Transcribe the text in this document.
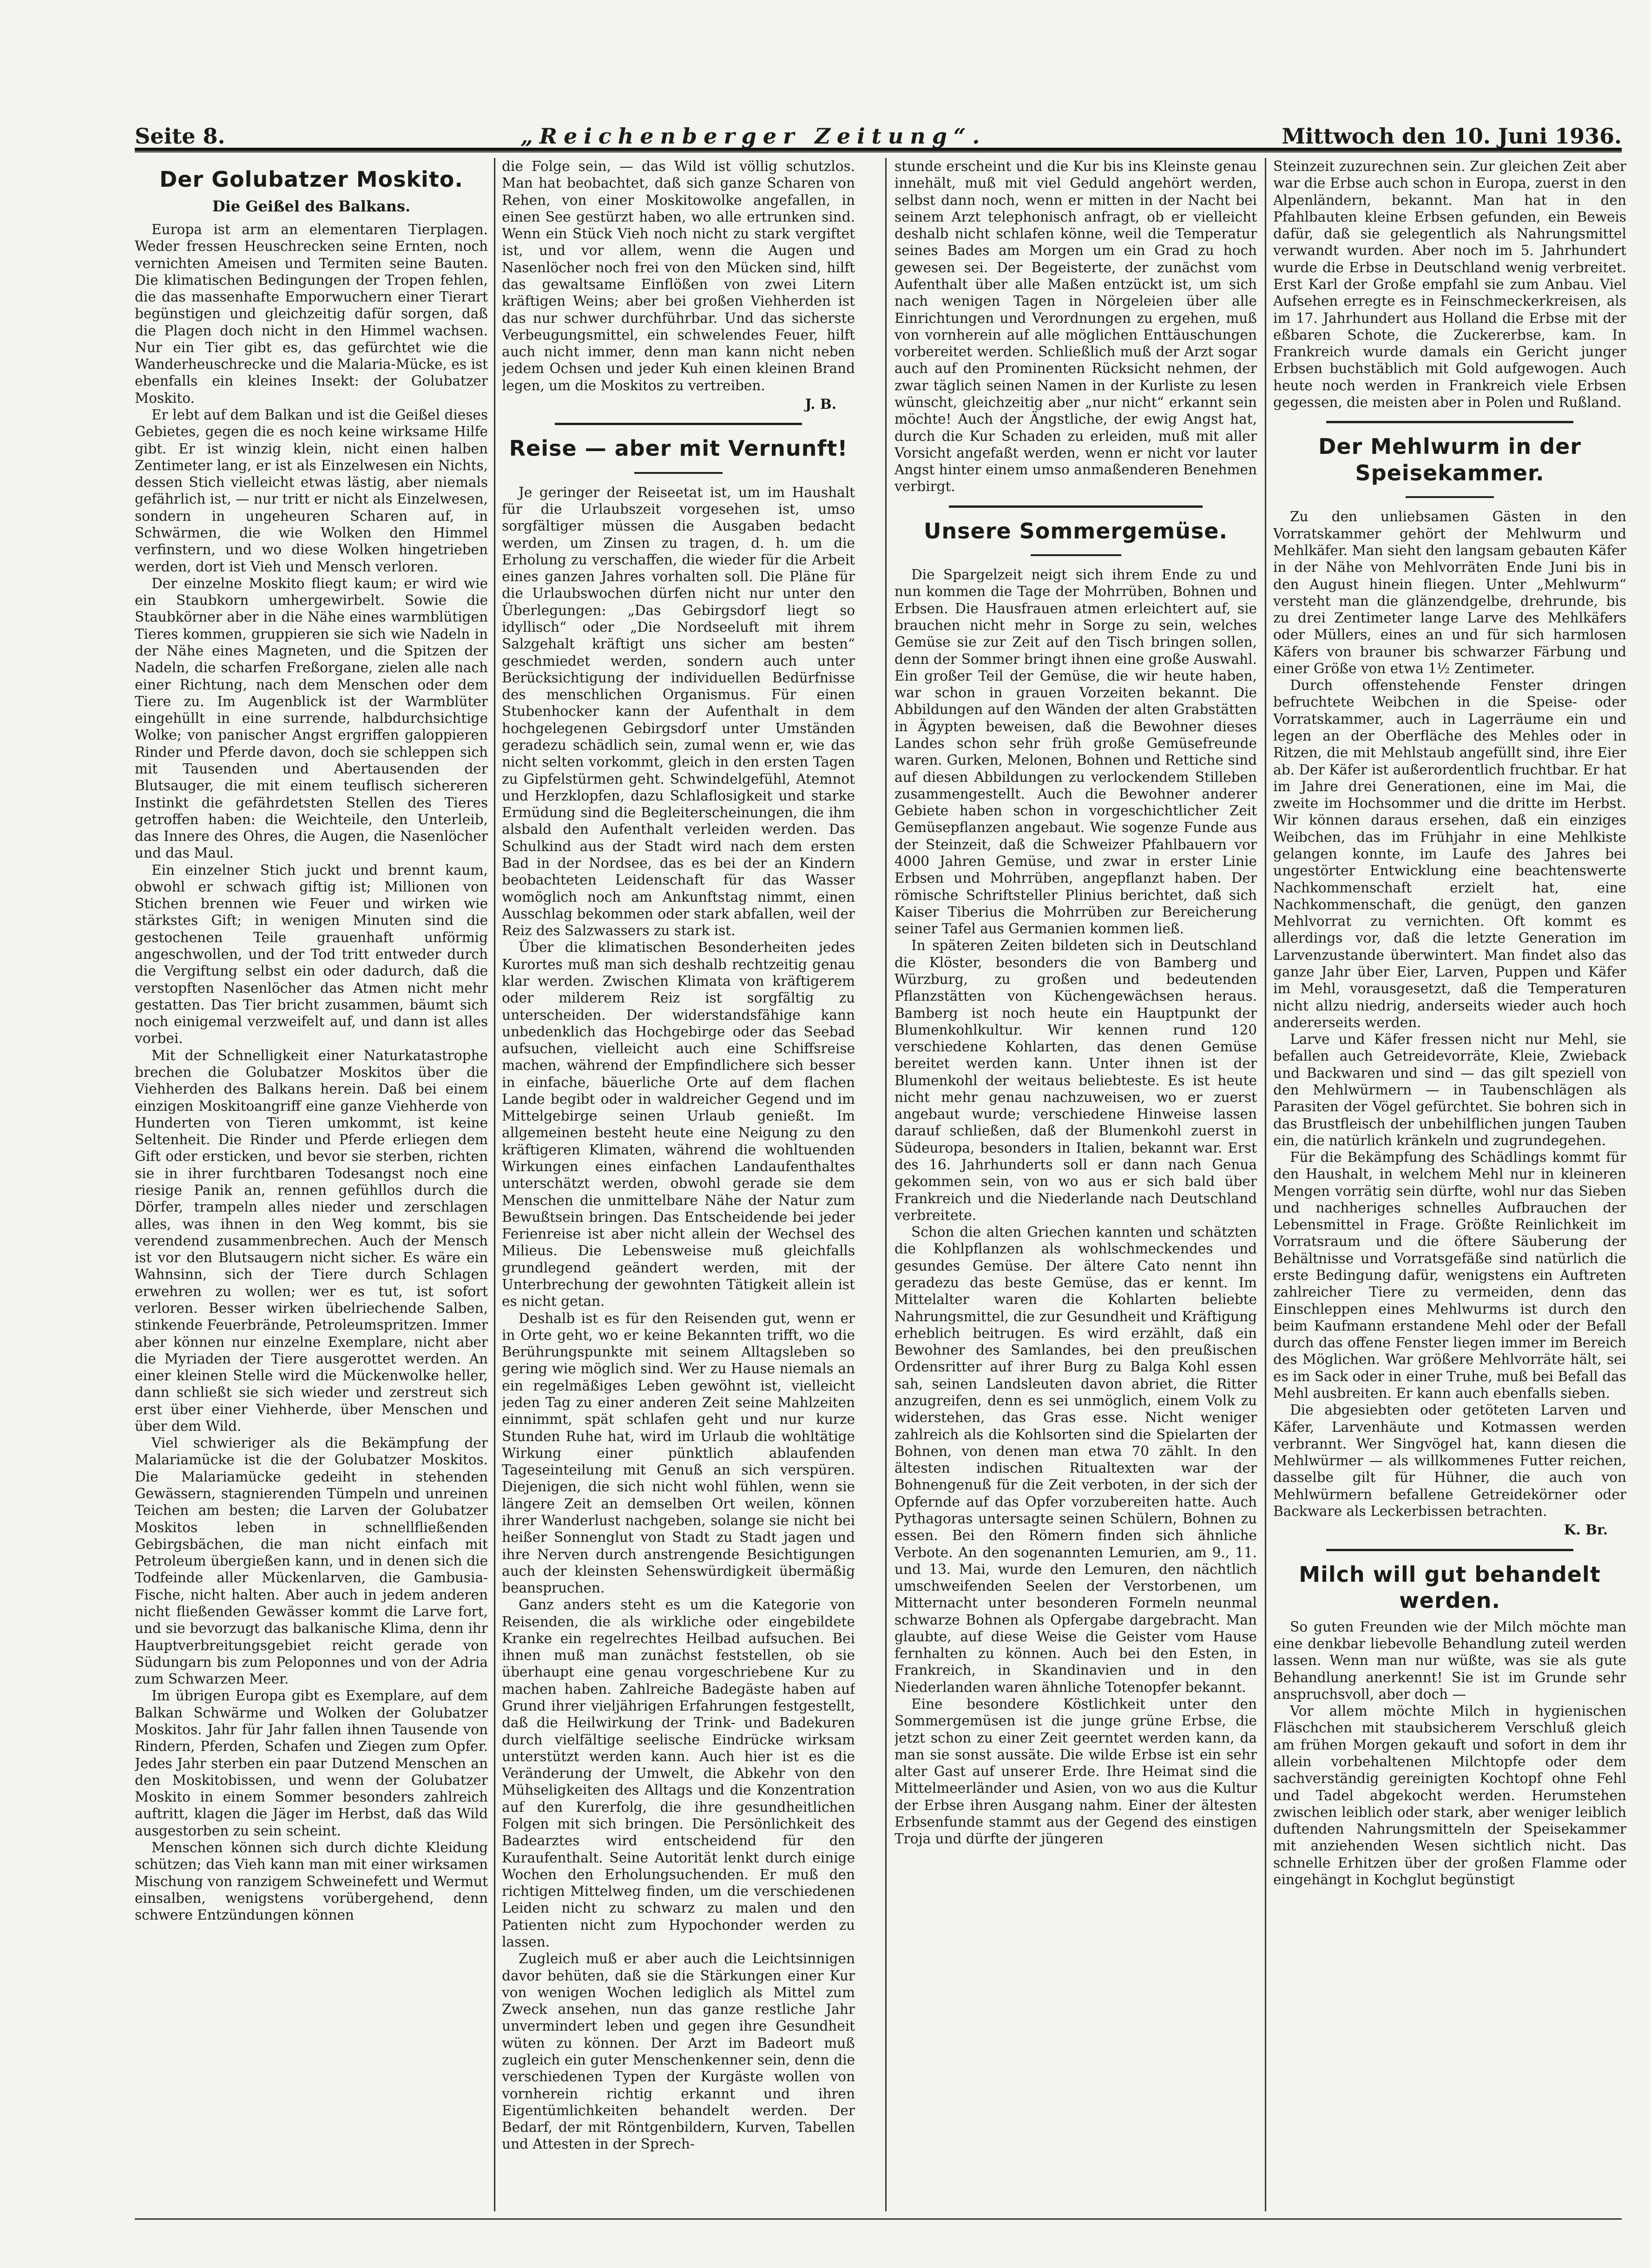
Seite 8.	„Reichenberger Zeitung“.	Mittwoch den 10. Juni 1936.
Der Golubatzer Moskito.
Die Geißel des Balkans.

Europa ist arm an elementaren Tierplagen. Weder fressen Heuschrecken seine Ernten, noch vernichten Ameisen und Termiten seine Bauten. Die klimatischen Bedingungen der Tropen fehlen, die das massenhafte Emporwuchern einer Tierart begünstigen und gleichzeitig dafür sorgen, daß die Plagen doch nicht in den Himmel wachsen. Nur ein Tier gibt es, das gefürchtet wie die Wanderheuschrecke und die Malaria-Mücke, es ist ebenfalls ein kleines Insekt: der Golubatzer Moskito.

Er lebt auf dem Balkan und ist die Geißel dieses Gebietes, gegen die es noch keine wirksame Hilfe gibt. Er ist winzig klein, nicht einen halben Zentimeter lang, er ist als Einzelwesen ein Nichts, dessen Stich vielleicht etwas lästig, aber niemals gefährlich ist, — nur tritt er nicht als Einzelwesen, sondern in ungeheuren Scharen auf, in Schwärmen, die wie Wolken den Himmel verfinstern, und wo diese Wolken hingetrieben werden, dort ist Vieh und Mensch verloren.

Der einzelne Moskito fliegt kaum; er wird wie ein Staubkorn umhergewirbelt. Sowie die Staubkörner aber in die Nähe eines warmblütigen Tieres kommen, gruppieren sie sich wie Nadeln in der Nähe eines Magneten, und die Spitzen der Nadeln, die scharfen Freßorgane, zielen alle nach einer Richtung, nach dem Menschen oder dem Tiere zu. Im Augenblick ist der Warmblüter eingehüllt in eine surrende, halbdurchsichtige Wolke; von panischer Angst ergriffen galoppieren Rinder und Pferde davon, doch sie schleppen sich mit Tausenden und Abertausenden der Blutsauger, die mit einem teuflisch sichereren Instinkt die gefährdetsten Stellen des Tieres getroffen haben: die Weichteile, den Unterleib, das Innere des Ohres, die Augen, die Nasenlöcher und das Maul.

Ein einzelner Stich juckt und brennt kaum, obwohl er schwach giftig ist; Millionen von Stichen brennen wie Feuer und wirken wie stärkstes Gift; in wenigen Minuten sind die gestochenen Teile grauenhaft unförmig angeschwollen, und der Tod tritt entweder durch die Vergiftung selbst ein oder dadurch, daß die verstopften Nasenlöcher das Atmen nicht mehr gestatten. Das Tier bricht zusammen, bäumt sich noch einigemal verzweifelt auf, und dann ist alles vorbei.

Mit der Schnelligkeit einer Naturkatastrophe brechen die Golubatzer Moskitos über die Viehherden des Balkans herein. Daß bei einem einzigen Moskitoangriff eine ganze Viehherde von Hunderten von Tieren umkommt, ist keine Seltenheit. Die Rinder und Pferde erliegen dem Gift oder ersticken, und bevor sie sterben, richten sie in ihrer furchtbaren Todesangst noch eine riesige Panik an, rennen gefühllos durch die Dörfer, trampeln alles nieder und zerschlagen alles, was ihnen in den Weg kommt, bis sie verendend zusammenbrechen. Auch der Mensch ist vor den Blutsaugern nicht sicher. Es wäre ein Wahnsinn, sich der Tiere durch Schlagen erwehren zu wollen; wer es tut, ist sofort verloren. Besser wirken übelriechende Salben, stinkende Feuerbrände, Petroleumspritzen. Immer aber können nur einzelne Exemplare, nicht aber die Myriaden der Tiere ausgerottet werden. An einer kleinen Stelle wird die Mückenwolke heller, dann schließt sie sich wieder und zerstreut sich erst über einer Viehherde, über Menschen und über dem Wild.

Viel schwieriger als die Bekämpfung der Malariamücke ist die der Golubatzer Moskitos. Die Malariamücke gedeiht in stehenden Gewässern, stagnierenden Tümpeln und unreinen Teichen am besten; die Larven der Golubatzer Moskitos leben in schnellfließenden Gebirgsbächen, die man nicht einfach mit Petroleum übergießen kann, und in denen sich die Todfeinde aller Mückenlarven, die Gambusia-Fische, nicht halten. Aber auch in jedem anderen nicht fließenden Gewässer kommt die Larve fort, und sie bevorzugt das balkanische Klima, denn ihr Hauptverbreitungsgebiet reicht gerade von Südungarn bis zum Peloponnes und von der Adria zum Schwarzen Meer.

Im übrigen Europa gibt es Exemplare, auf dem Balkan Schwärme und Wolken der Golubatzer Moskitos. Jahr für Jahr fallen ihnen Tausende von Rindern, Pferden, Schafen und Ziegen zum Opfer. Jedes Jahr sterben ein paar Dutzend Menschen an den Moskitobissen, und wenn der Golubatzer Moskito in einem Sommer besonders zahlreich auftritt, klagen die Jäger im Herbst, daß das Wild ausgestorben zu sein scheint.

Menschen können sich durch dichte Kleidung schützen; das Vieh kann man mit einer wirksamen Mischung von ranzigem Schweinefett und Wermut einsalben, wenigstens vorübergehend, denn schwere Entzündungen können

die Folge sein, — das Wild ist völlig schutzlos. Man hat beobachtet, daß sich ganze Scharen von Rehen, von einer Moskitowolke angefallen, in einen See gestürzt haben, wo alle ertrunken sind. Wenn ein Stück Vieh noch nicht zu stark vergiftet ist, und vor allem, wenn die Augen und Nasenlöcher noch frei von den Mücken sind, hilft das gewaltsame Einflößen von zwei Litern kräftigen Weins; aber bei großen Viehherden ist das nur schwer durchführbar. Und das sicherste Verbeugungsmittel, ein schwelendes Feuer, hilft auch nicht immer, denn man kann nicht neben jedem Ochsen und jeder Kuh einen kleinen Brand legen, um die Moskitos zu vertreiben.

J. B.
Reise — aber mit Vernunft!

Je geringer der Reiseetat ist, um im Haushalt für die Urlaubszeit vorgesehen ist, umso sorgfältiger müssen die Ausgaben bedacht werden, um Zinsen zu tragen, d. h. um die Erholung zu verschaffen, die wieder für die Arbeit eines ganzen Jahres vorhalten soll. Die Pläne für die Urlaubswochen dürfen nicht nur unter den Überlegungen: „Das Gebirgsdorf liegt so idyllisch“ oder „Die Nordseeluft mit ihrem Salzgehalt kräftigt uns sicher am besten“ geschmiedet werden, sondern auch unter Berücksichtigung der individuellen Bedürfnisse des menschlichen Organismus. Für einen Stubenhocker kann der Aufenthalt in dem hochgelegenen Gebirgsdorf unter Umständen geradezu schädlich sein, zumal wenn er, wie das nicht selten vorkommt, gleich in den ersten Tagen zu Gipfelstürmen geht. Schwindelgefühl, Atemnot und Herzklopfen, dazu Schlaflosigkeit und starke Ermüdung sind die Begleiterscheinungen, die ihm alsbald den Aufenthalt verleiden werden. Das Schulkind aus der Stadt wird nach dem ersten Bad in der Nordsee, das es bei der an Kindern beobachteten Leidenschaft für das Wasser womöglich noch am Ankunftstag nimmt, einen Ausschlag bekommen oder stark abfallen, weil der Reiz des Salzwassers zu stark ist.

Über die klimatischen Besonderheiten jedes Kurortes muß man sich deshalb rechtzeitig genau klar werden. Zwischen Klimata von kräftigerem oder milderem Reiz ist sorgfältig zu unterscheiden. Der widerstandsfähige kann unbedenklich das Hochgebirge oder das Seebad aufsuchen, vielleicht auch eine Schiffsreise machen, während der Empfindlichere sich besser in einfache, bäuerliche Orte auf dem flachen Lande begibt oder in waldreicher Gegend und im Mittelgebirge seinen Urlaub genießt. Im allgemeinen besteht heute eine Neigung zu den kräftigeren Klimaten, während die wohltuenden Wirkungen eines einfachen Landaufenthaltes unterschätzt werden, obwohl gerade sie dem Menschen die unmittelbare Nähe der Natur zum Bewußtsein bringen. Das Entscheidende bei jeder Ferienreise ist aber nicht allein der Wechsel des Milieus. Die Lebensweise muß gleichfalls grundlegend geändert werden, mit der Unterbrechung der gewohnten Tätigkeit allein ist es nicht getan.

Deshalb ist es für den Reisenden gut, wenn er in Orte geht, wo er keine Bekannten trifft, wo die Berührungspunkte mit seinem Alltagsleben so gering wie möglich sind. Wer zu Hause niemals an ein regelmäßiges Leben gewöhnt ist, vielleicht jeden Tag zu einer anderen Zeit seine Mahlzeiten einnimmt, spät schlafen geht und nur kurze Stunden Ruhe hat, wird im Urlaub die wohltätige Wirkung einer pünktlich ablaufenden Tageseinteilung mit Genuß an sich verspüren. Diejenigen, die sich nicht wohl fühlen, wenn sie längere Zeit an demselben Ort weilen, können ihrer Wanderlust nachgeben, solange sie nicht bei heißer Sonnenglut von Stadt zu Stadt jagen und ihre Nerven durch anstrengende Besichtigungen auch der kleinsten Sehenswürdigkeit übermäßig beanspruchen.

Ganz anders steht es um die Kategorie von Reisenden, die als wirkliche oder eingebildete Kranke ein regelrechtes Heilbad aufsuchen. Bei ihnen muß man zunächst feststellen, ob sie überhaupt eine genau vorgeschriebene Kur zu machen haben. Zahlreiche Badegäste haben auf Grund ihrer vieljährigen Erfahrungen festgestellt, daß die Heilwirkung der Trink- und Badekuren durch vielfältige seelische Eindrücke wirksam unterstützt werden kann. Auch hier ist es die Veränderung der Umwelt, die Abkehr von den Mühseligkeiten des Alltags und die Konzentration auf den Kurerfolg, die ihre gesundheitlichen Folgen mit sich bringen. Die Persönlichkeit des Badearztes wird entscheidend für den Kuraufenthalt. Seine Autorität lenkt durch einige Wochen den Erholungsuchenden. Er muß den richtigen Mittelweg finden, um die verschiedenen Leiden nicht zu schwarz zu malen und den Patienten nicht zum Hypochonder werden zu lassen.

Zugleich muß er aber auch die Leichtsinnigen davor behüten, daß sie die Stärkungen einer Kur von wenigen Wochen lediglich als Mittel zum Zweck ansehen, nun das ganze restliche Jahr unvermindert leben und gegen ihre Gesundheit wüten zu können. Der Arzt im Badeort muß zugleich ein guter Menschenkenner sein, denn die verschiedenen Typen der Kurgäste wollen von vornherein richtig erkannt und ihren Eigentümlichkeiten behandelt werden. Der Bedarf, der mit Röntgenbildern, Kurven, Tabellen und Attesten in der Sprech-

stunde erscheint und die Kur bis ins Kleinste genau innehält, muß mit viel Geduld angehört werden, selbst dann noch, wenn er mitten in der Nacht bei seinem Arzt telephonisch anfragt, ob er vielleicht deshalb nicht schlafen könne, weil die Temperatur seines Bades am Morgen um ein Grad zu hoch gewesen sei. Der Begeisterte, der zunächst vom Aufenthalt über alle Maßen entzückt ist, um sich nach wenigen Tagen in Nörgeleien über alle Einrichtungen und Verordnungen zu ergehen, muß von vornherein auf alle möglichen Enttäuschungen vorbereitet werden. Schließlich muß der Arzt sogar auch auf den Prominenten Rücksicht nehmen, der zwar täglich seinen Namen in der Kurliste zu lesen wünscht, gleichzeitig aber „nur nicht“ erkannt sein möchte! Auch der Ängstliche, der ewig Angst hat, durch die Kur Schaden zu erleiden, muß mit aller Vorsicht angefaßt werden, wenn er nicht vor lauter Angst hinter einem umso anmaßenderen Benehmen verbirgt.

Unsere Sommergemüse.

Die Spargelzeit neigt sich ihrem Ende zu und nun kommen die Tage der Mohrrüben, Bohnen und Erbsen. Die Hausfrauen atmen erleichtert auf, sie brauchen nicht mehr in Sorge zu sein, welches Gemüse sie zur Zeit auf den Tisch bringen sollen, denn der Sommer bringt ihnen eine große Auswahl. Ein großer Teil der Gemüse, die wir heute haben, war schon in grauen Vorzeiten bekannt. Die Abbildungen auf den Wänden der alten Grabstätten in Ägypten beweisen, daß die Bewohner dieses Landes schon sehr früh große Gemüsefreunde waren. Gurken, Melonen, Bohnen und Rettiche sind auf diesen Abbildungen zu verlockendem Stilleben zusammengestellt. Auch die Bewohner anderer Gebiete haben schon in vorgeschichtlicher Zeit Gemüsepflanzen angebaut. Wie sogenze Funde aus der Steinzeit, daß die Schweizer Pfahlbauern vor 4000 Jahren Gemüse, und zwar in erster Linie Erbsen und Mohrrüben, angepflanzt haben. Der römische Schriftsteller Plinius berichtet, daß sich Kaiser Tiberius die Mohrrüben zur Bereicherung seiner Tafel aus Germanien kommen ließ.

In späteren Zeiten bildeten sich in Deutschland die Klöster, besonders die von Bamberg und Würzburg, zu großen und bedeutenden Pflanzstätten von Küchengewächsen heraus. Bamberg ist noch heute ein Hauptpunkt der Blumenkohlkultur. Wir kennen rund 120 verschiedene Kohlarten, das denen Gemüse bereitet werden kann. Unter ihnen ist der Blumenkohl der weitaus beliebteste. Es ist heute nicht mehr genau nachzuweisen, wo er zuerst angebaut wurde; verschiedene Hinweise lassen darauf schließen, daß der Blumenkohl zuerst in Südeuropa, besonders in Italien, bekannt war. Erst des 16. Jahrhunderts soll er dann nach Genua gekommen sein, von wo aus er sich bald über Frankreich und die Niederlande nach Deutschland verbreitete.

Schon die alten Griechen kannten und schätzten die Kohlpflanzen als wohlschmeckendes und gesundes Gemüse. Der ältere Cato nennt ihn geradezu das beste Gemüse, das er kennt. Im Mittelalter waren die Kohlarten beliebte Nahrungsmittel, die zur Gesundheit und Kräftigung erheblich beitrugen. Es wird erzählt, daß ein Bewohner des Samlandes, bei den preußischen Ordensritter auf ihrer Burg zu Balga Kohl essen sah, seinen Landsleuten davon abriet, die Ritter anzugreifen, denn es sei unmöglich, einem Volk zu widerstehen, das Gras esse. Nicht weniger zahlreich als die Kohlsorten sind die Spielarten der Bohnen, von denen man etwa 70 zählt. In den ältesten indischen Ritualtexten war der Bohnengenuß für die Zeit verboten, in der sich der Opfernde auf das Opfer vorzubereiten hatte. Auch Pythagoras untersagte seinen Schülern, Bohnen zu essen. Bei den Römern finden sich ähnliche Verbote. An den sogenannten Lemurien, am 9., 11. und 13. Mai, wurde den Lemuren, den nächtlich umschweifenden Seelen der Verstorbenen, um Mitternacht unter besonderen Formeln neunmal schwarze Bohnen als Opfergabe dargebracht. Man glaubte, auf diese Weise die Geister vom Hause fernhalten zu können. Auch bei den Esten, in Frankreich, in Skandinavien und in den Niederlanden waren ähnliche Totenopfer bekannt.

Eine besondere Köstlichkeit unter den Sommergemüsen ist die junge grüne Erbse, die jetzt schon zu einer Zeit geerntet werden kann, da man sie sonst aussäte. Die wilde Erbse ist ein sehr alter Gast auf unserer Erde. Ihre Heimat sind die Mittelmeerländer und Asien, von wo aus die Kultur der Erbse ihren Ausgang nahm. Einer der ältesten Erbsenfunde stammt aus der Gegend des einstigen Troja und dürfte der jüngeren

Steinzeit zuzurechnen sein. Zur gleichen Zeit aber war die Erbse auch schon in Europa, zuerst in den Alpenländern, bekannt. Man hat in den Pfahlbauten kleine Erbsen gefunden, ein Beweis dafür, daß sie gelegentlich als Nahrungsmittel verwandt wurden. Aber noch im 5. Jahrhundert wurde die Erbse in Deutschland wenig verbreitet. Erst Karl der Große empfahl sie zum Anbau. Viel Aufsehen erregte es in Feinschmeckerkreisen, als im 17. Jahrhundert aus Holland die Erbse mit der eßbaren Schote, die Zuckererbse, kam. In Frankreich wurde damals ein Gericht junger Erbsen buchstäblich mit Gold aufgewogen. Auch heute noch werden in Frankreich viele Erbsen gegessen, die meisten aber in Polen und Rußland.

Der Mehlwurm in der Speisekammer.

Zu den unliebsamen Gästen in den Vorratskammer gehört der Mehlwurm und Mehlkäfer. Man sieht den langsam gebauten Käfer in der Nähe von Mehlvorräten Ende Juni bis in den August hinein fliegen. Unter „Mehlwurm“ versteht man die glänzendgelbe, drehrunde, bis zu drei Zentimeter lange Larve des Mehlkäfers oder Müllers, eines an und für sich harmlosen Käfers von brauner bis schwarzer Färbung und einer Größe von etwa 1½ Zentimeter.

Durch offenstehende Fenster dringen befruchtete Weibchen in die Speise- oder Vorratskammer, auch in Lagerräume ein und legen an der Oberfläche des Mehles oder in Ritzen, die mit Mehlstaub angefüllt sind, ihre Eier ab. Der Käfer ist außerordentlich fruchtbar. Er hat im Jahre drei Generationen, eine im Mai, die zweite im Hochsommer und die dritte im Herbst. Wir können daraus ersehen, daß ein einziges Weibchen, das im Frühjahr in eine Mehlkiste gelangen konnte, im Laufe des Jahres bei ungestörter Entwicklung eine beachtenswerte Nachkommenschaft erzielt hat, eine Nachkommenschaft, die genügt, den ganzen Mehlvorrat zu vernichten. Oft kommt es allerdings vor, daß die letzte Generation im Larvenzustande überwintert. Man findet also das ganze Jahr über Eier, Larven, Puppen und Käfer im Mehl, vorausgesetzt, daß die Temperaturen nicht allzu niedrig, anderseits wieder auch hoch andererseits werden.

Larve und Käfer fressen nicht nur Mehl, sie befallen auch Getreidevorräte, Kleie, Zwieback und Backwaren und sind — das gilt speziell von den Mehlwürmern — in Taubenschlägen als Parasiten der Vögel gefürchtet. Sie bohren sich in das Brustfleisch der unbehilflichen jungen Tauben ein, die natürlich kränkeln und zugrundegehen.

Für die Bekämpfung des Schädlings kommt für den Haushalt, in welchem Mehl nur in kleineren Mengen vorrätig sein dürfte, wohl nur das Sieben und nachheriges schnelles Aufbrauchen der Lebensmittel in Frage. Größte Reinlichkeit im Vorratsraum und die öftere Säuberung der Behältnisse und Vorratsgefäße sind natürlich die erste Bedingung dafür, wenigstens ein Auftreten zahlreicher Tiere zu vermeiden, denn das Einschleppen eines Mehlwurms ist durch den beim Kaufmann erstandene Mehl oder der Befall durch das offene Fenster liegen immer im Bereich des Möglichen. War größere Mehlvorräte hält, sei es im Sack oder in einer Truhe, muß bei Befall das Mehl ausbreiten. Er kann auch ebenfalls sieben.

Die abgesiebten oder getöteten Larven und Käfer, Larvenhäute und Kotmassen werden verbrannt. Wer Singvögel hat, kann diesen die Mehlwürmer — als willkommenes Futter reichen, dasselbe gilt für Hühner, die auch von Mehlwürmern befallene Getreidekörner oder Backware als Leckerbissen betrachten.

K. Br.
Milch will gut behandelt werden.

So guten Freunden wie der Milch möchte man eine denkbar liebevolle Behandlung zuteil werden lassen. Wenn man nur wüßte, was sie als gute Behandlung anerkennt! Sie ist im Grunde sehr anspruchsvoll, aber doch —

Vor allem möchte Milch in hygienischen Fläschchen mit staubsicherem Verschluß gleich am frühen Morgen gekauft und sofort in dem ihr allein vorbehaltenen Milchtopfe oder dem sachverständig gereinigten Kochtopf ohne Fehl und Tadel abgekocht werden. Herumstehen zwischen leiblich oder stark, aber weniger leiblich duftenden Nahrungsmitteln der Speisekammer mit anziehenden Wesen sichtlich nicht. Das schnelle Erhitzen über der großen Flamme oder eingehängt in Kochglut begünstigt
